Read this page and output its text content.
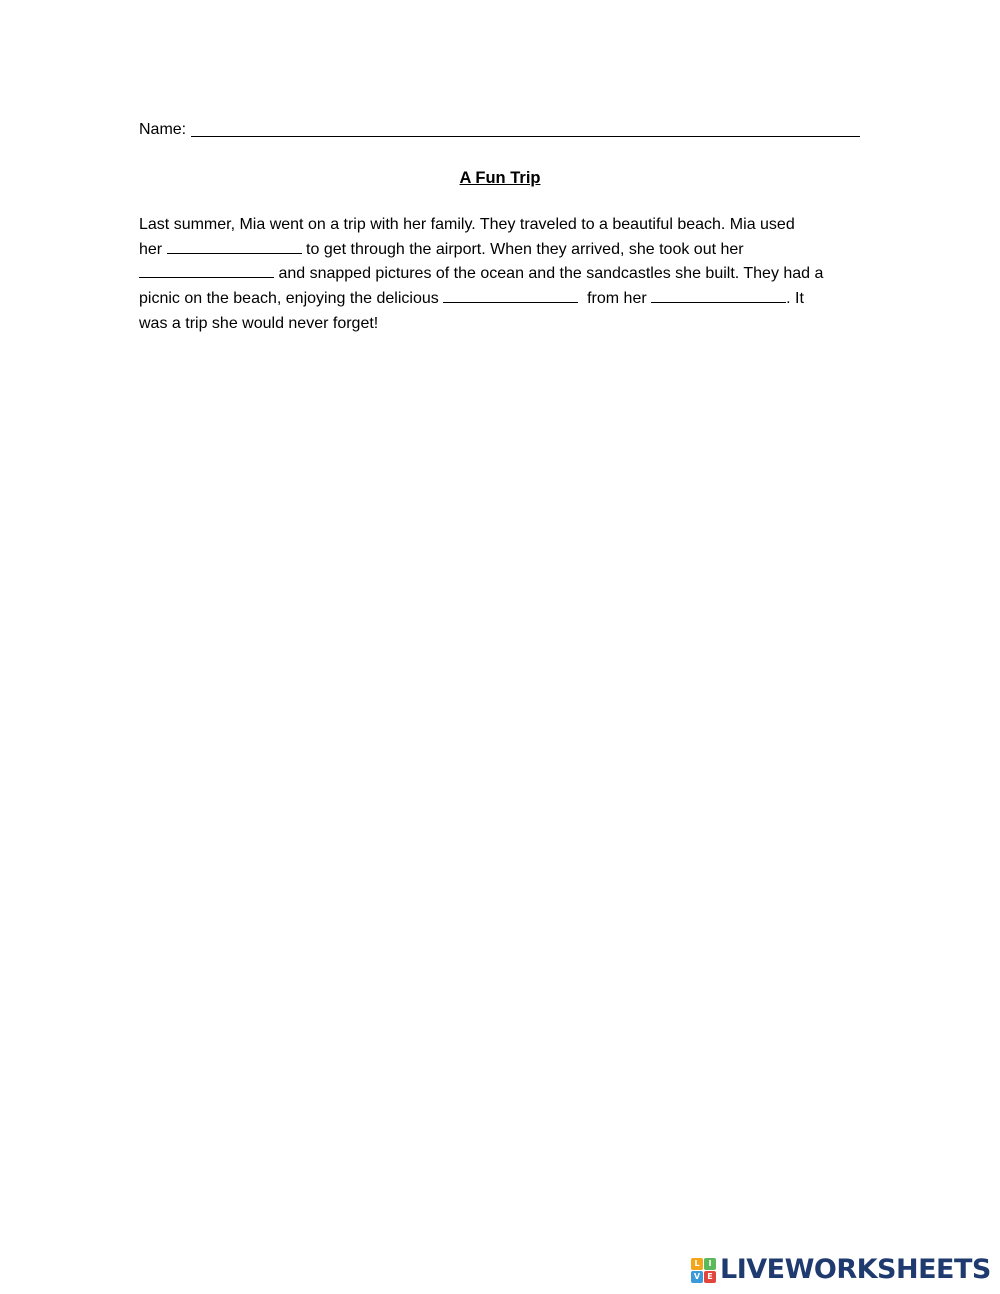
Name:
A Fun Trip
Last summer, Mia went on a trip with her family. They traveled to a beautiful beach. Mia used
her	to get through the airport. When they arrived, she took out her
and snapped pictures of the ocean and the sandcastles she built. They had a
picnic on the beach, enjoying the delicious	from her	. It
was a trip she would never forget!
L	I
V E LIVEWORKSHEETS
